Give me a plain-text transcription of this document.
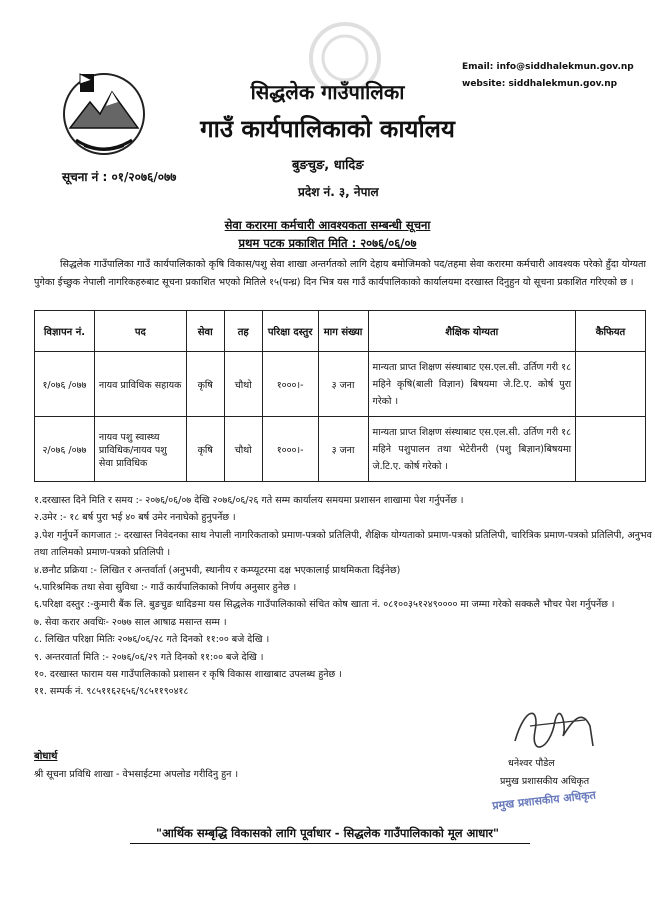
Email: info@siddhalekmun.gov.np
website: siddhalekmun.gov.np
सिद्धलेक गाउँपालिका
गाउँ कार्यपालिकाको कार्यालय
बुङचुङ, धादिङ
प्रदेश नं. ३, नेपाल
सूचना नं : ०१/२०७६/०७७
सेवा करारमा कर्मचारी आवश्यकता सम्बन्धी सूचना
प्रथम पटक प्रकाशित मिति : २०७६/०६/०७
सिद्धलेक गाउँपालिका गाउँ कार्यपालिकाको कृषि विकास/पशु सेवा शाखा अन्तर्गतको लागि देहाय बमोजिमको पद/तहमा सेवा करारमा कर्मचारी आवश्यक परेको हुँदा योग्यता पुगेका ईच्छुक नेपाली नागरिकहरुबाट सूचना प्रकाशित भएको मितिले १५(पन्ध्र) दिन भित्र यस गाउँ कार्यपालिकाको कार्यालयमा दरखास्त दिनुहुन यो सूचना प्रकाशित गरिएको छ ।
विज्ञापन नं.	पद	सेवा	तह	परिक्षा दस्तुर	माग संख्या	शैक्षिक योग्यता	कैफियत
१/०७६ /०७७	नायव प्राविधिक सहायक	कृषि	चौथो	१०००।-	३ जना	मान्यता प्राप्त शिक्षण संस्थाबाट एस.एल.सी. उर्तिण गरी १८ महिने कृषि(बाली विज्ञान) बिषयमा जे.टि.ए. कोर्ष पुरा गरेको ।	
२/०७६ /०७७	नायव पशु स्वास्थ्य प्राविधिक/नायव पशु सेवा प्राविधिक	कृषि	चौथो	१०००।-	३ जना	मान्यता प्राप्त शिक्षण संस्थाबाट एस.एल.सी. उर्तिण गरी १८ महिने पशुपालन तथा भेटेरीनरी (पशु बिज्ञान)बिषयमा जे.टि.ए. कोर्ष गरेको ।	

१.दरखास्त दिने मिति र समय :- २०७६/०६/०७ देखि २०७६/०६/२६ गते सम्म कार्यालय समयमा प्रशासन शाखामा पेश गर्नुपर्नेछ ।

२.उमेर :- १८ बर्ष पुरा भई ४० बर्ष उमेर ननाघेको हुनुपर्नेछ ।

३.पेश गर्नुपर्ने कागजात :- दरखास्त निवेदनका साथ नेपाली नागरिकताको प्रमाण-पत्रको प्रतिलिपी, शैक्षिक योग्यताको प्रमाण-पत्रको प्रतिलिपी, चारित्रिक प्रमाण-पत्रको प्रतिलिपी, अनुभव तथा तालिमको प्रमाण-पत्रको प्रतिलिपी ।

४.छनौट प्रक्रिया :- लिखित र अन्तर्वार्ता (अनुभवी, स्थानीय र कम्प्यूटरमा दक्ष भएकालाई प्राथमिकता दिईनेछ)

५.पारिश्रमिक तथा सेवा सुविधा :- गाउँ कार्यपालिकाको निर्णय अनुसार हुनेछ ।

६.परिक्षा दस्तुर :-कुमारी बैंक लि. बुङचुङ धादिङमा यस सिद्धलेक गाउँपालिकाको संचित कोष खाता नं. ०८१००३५१२४९०००० मा जम्मा गरेको सक्कलै भौचर पेश गर्नुपर्नेछ ।

७. सेवा करार अवधिः- २०७७ साल आषाढ मसान्त सम्म ।

८. लिखित परिक्षा मितिः २०७६/०६/२८ गते दिनको ११:०० बजे देखि ।

९. अन्तरवार्ता मिति :- २०७६/०६/२९ गते दिनको ११:०० बजे देखि ।

१०. दरखास्त फाराम यस गाउँपालिकाको प्रशासन र कृषि विकास शाखाबाट उपलब्ध हुनेछ ।

११. सम्पर्क नं. ९८५११६२६५६/९८५११९०४१८

बोधार्थ
श्री सूचना प्रविधि शाखा - वेभसाईटमा अपलोड गरीदिनु हुन ।
धनेश्वर पौडेल
प्रमुख प्रशासकीय अधिकृत
प्रमुख प्रशासकीय अधिकृत
"आर्थिक सम्बृद्धि विकासको लागि पूर्वाधार - सिद्धलेक गाउँपालिकाको मूल आधार"
